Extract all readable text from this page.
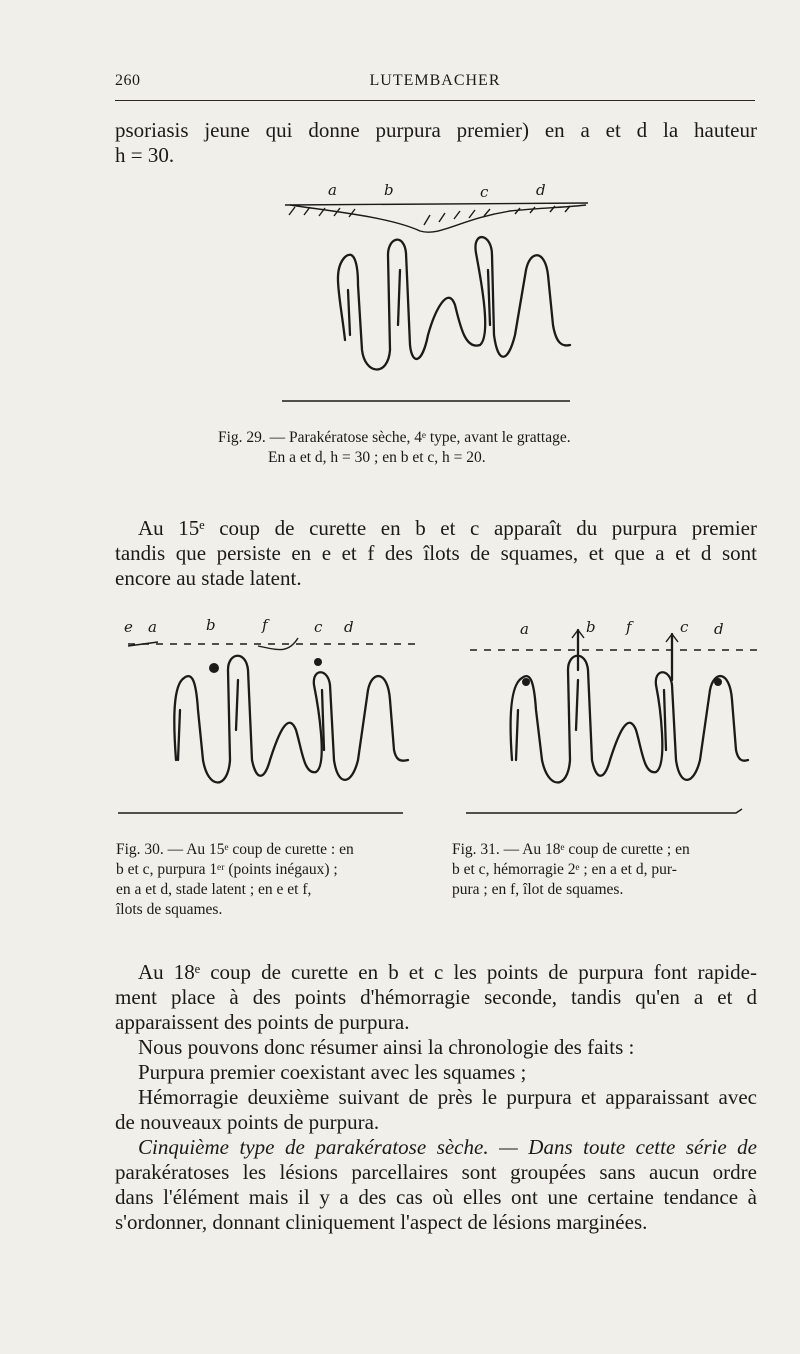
260	LUTEMBACHER
psoriasis jeune qui donne purpura premier) en a et d la hauteur
h = 30.
a	b	c	d
Fig. 29. — Parakératose sèche, 4ᵉ type, avant le grattage.
En a et d, h = 30 ; en b et c, h = 20.
Au 15ᵉ coup de curette en b et c apparaît du purpura premier
tandis que persiste en e et f des îlots de squames, et que a et d sont
encore au stade latent.
e a	b	f	c d	a	b f	c d
Fig. 30. — Au 15ᵉ coup de curette : en
b et c, purpura 1ᵉʳ (points inégaux) ;
en a et d, stade latent ; en e et f,
îlots de squames.
Fig. 31. — Au 18ᵉ coup de curette ; en
b et c, hémorragie 2ᵉ ; en a et d, pur-
pura ; en f, îlot de squames.
Au 18ᵉ coup de curette en b et c les points de purpura font rapide-
ment place à des points d'hémorragie seconde, tandis qu'en a et d
apparaissent des points de purpura.
Nous pouvons donc résumer ainsi la chronologie des faits :
Purpura premier coexistant avec les squames ;
Hémorragie deuxième suivant de près le purpura et apparaissant avec
de nouveaux points de purpura.
Cinquième type de parakératose sèche. — Dans toute cette série de
parakératoses les lésions parcellaires sont groupées sans aucun ordre
dans l'élément mais il y a des cas où elles ont une certaine tendance à
s'ordonner, donnant cliniquement l'aspect de lésions marginées.
